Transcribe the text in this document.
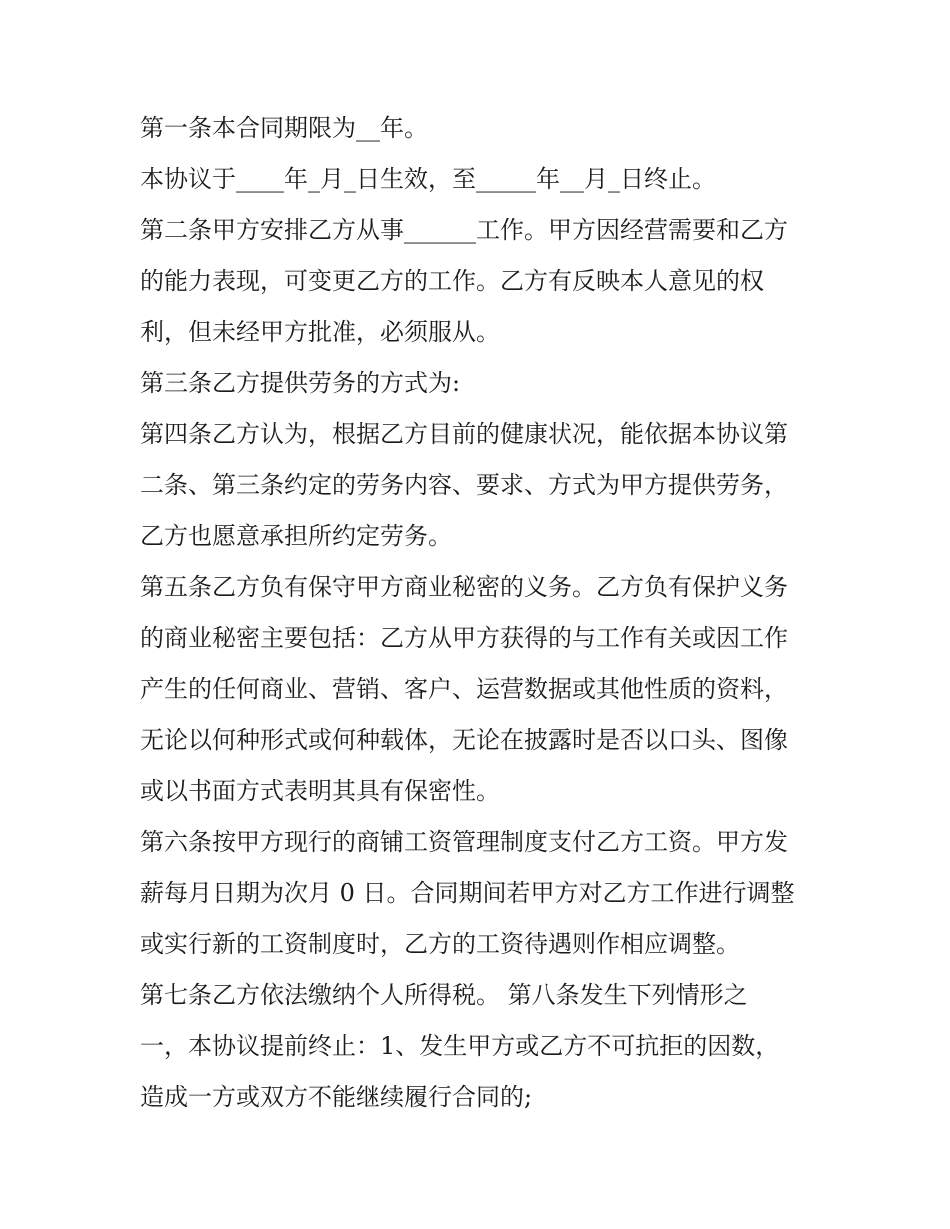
第一条本合同期限为__年。
本协议于____年_月_日生效，至_____年__月_日终止。
第二条甲方安排乙方从事______工作。甲方因经营需要和乙方
的能力表现，可变更乙方的工作。乙方有反映本人意见的权
利，但未经甲方批准，必须服从。
第三条乙方提供劳务的方式为:
第四条乙方认为，根据乙方目前的健康状况，能依据本协议第
二条、第三条约定的劳务内容、要求、方式为甲方提供劳务，
乙方也愿意承担所约定劳务。
第五条乙方负有保守甲方商业秘密的义务。乙方负有保护义务
的商业秘密主要包括：乙方从甲方获得的与工作有关或因工作
产生的任何商业、营销、客户、运营数据或其他性质的资料，
无论以何种形式或何种载体，无论在披露时是否以口头、图像
或以书面方式表明其具有保密性。
第六条按甲方现行的商铺工资管理制度支付乙方工资。甲方发
薪每月日期为次月 0 日。合同期间若甲方对乙方工作进行调整
或实行新的工资制度时，乙方的工资待遇则作相应调整。
第七条乙方依法缴纳个人所得税。 第八条发生下列情形之
一，本协议提前终止：1、发生甲方或乙方不可抗拒的因数，
造成一方或双方不能继续履行合同的;
